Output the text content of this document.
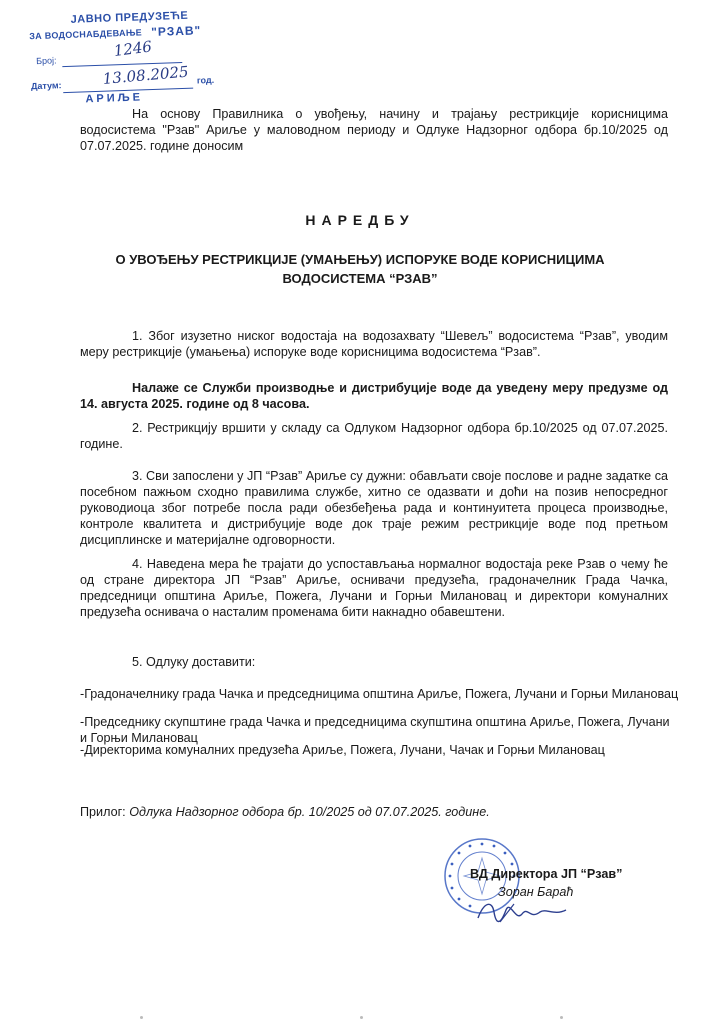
ЈАВНО ПРЕДУЗЕЋЕ
ЗА ВОДОСНАБДЕВАЊЕ "РЗАВ"
Број:
1246
Датум:	13.08.2025 год.
АРИЉЕ
На основу Правилника о увођењу, начину и трајању рестрикције корисницима водосистема "Рзав" Ариље у маловодном периоду и Одлуке Надзорног одбора бр.10/2025 од 07.07.2025. године доносим
НАРЕДБУ
О УВОЂЕЊУ РЕСТРИКЦИЈЕ (УМАЊЕЊУ) ИСПОРУКЕ ВОДЕ КОРИСНИЦИМА ВОДОСИСТЕМА “РЗАВ”
1. Због изузетно ниског водостаја на водозахвату “Шевељ” водосистема “Рзав”, уводим меру рестрикције (умањења) испоруке воде корисницима водосистема “Рзав”.
Налаже се Служби производње и дистрибуције воде да уведену меру предузме од 14. августа 2025. године од 8 часова.
2. Рестрикцију вршити у складу са Одлуком Надзорног одбора бр.10/2025 од 07.07.2025. године.
3. Сви запослени у ЈП “Рзав” Ариље су дужни: обављати своје послове и радне задатке са посебном пажњом сходно правилима службе, хитно се одазвати и доћи на позив непосредног руководиоца због потребе посла ради обезбеђења рада и континуитета процеса производње, контроле квалитета и дистрибуције воде док траје режим рестрикције воде под претњом дисциплинске и материјалне одговорности.
4. Наведена мера ће трајати до успостављања нормалног водостаја реке Рзав о чему ће од стране директора ЈП “Рзав” Ариље, оснивачи предузећа, градоначелник Града Чачка, председници општина Ариље, Пожега, Лучани и Горњи Милановац и директори комуналних предузећа оснивача о насталим променама бити накнадно обавештени.
5. Одлуку доставити:
-Градоначелнику града Чачка и председницима општина Ариље, Пожега, Лучани и Горњи Милановац
-Председнику скупштине града Чачка и председницима скупштина општина Ариље, Пожега, Лучани и Горњи Милановац
-Директорима комуналних предузећа Ариље, Пожега, Лучани, Чачак и Горњи Милановац
Прилог: Одлука Надзорног одбора бр. 10/2025 од 07.07.2025. године.
ВД Директора ЈП “Рзав”
Зоран Бараћ
